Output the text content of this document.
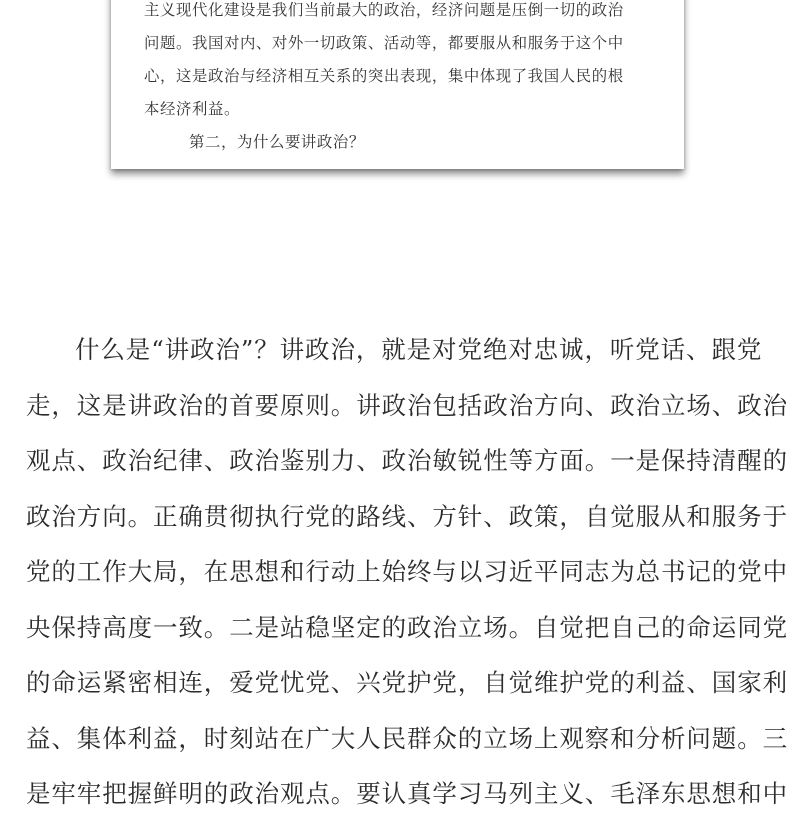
主义现代化建设是我们当前最大的政治，经济问题是压倒一切的政治
问题。我国对内、对外一切政策、活动等，都要服从和服务于这个中
心，这是政治与经济相互关系的突出表现，集中体现了我国人民的根
本经济利益。
第二，为什么要讲政治？
什么是“讲政治”？讲政治，就是对党绝对忠诚，听党话、跟党
走，这是讲政治的首要原则。讲政治包括政治方向、政治立场、政治
观点、政治纪律、政治鉴别力、政治敏锐性等方面。一是保持清醒的
政治方向。正确贯彻执行党的路线、方针、政策，自觉服从和服务于
党的工作大局，在思想和行动上始终与以习近平同志为总书记的党中
央保持高度一致。二是站稳坚定的政治立场。自觉把自己的命运同党
的命运紧密相连，爱党忧党、兴党护党，自觉维护党的利益、国家利
益、集体利益，时刻站在广大人民群众的立场上观察和分析问题。三
是牢牢把握鲜明的政治观点。要认真学习马列主义、毛泽东思想和中
